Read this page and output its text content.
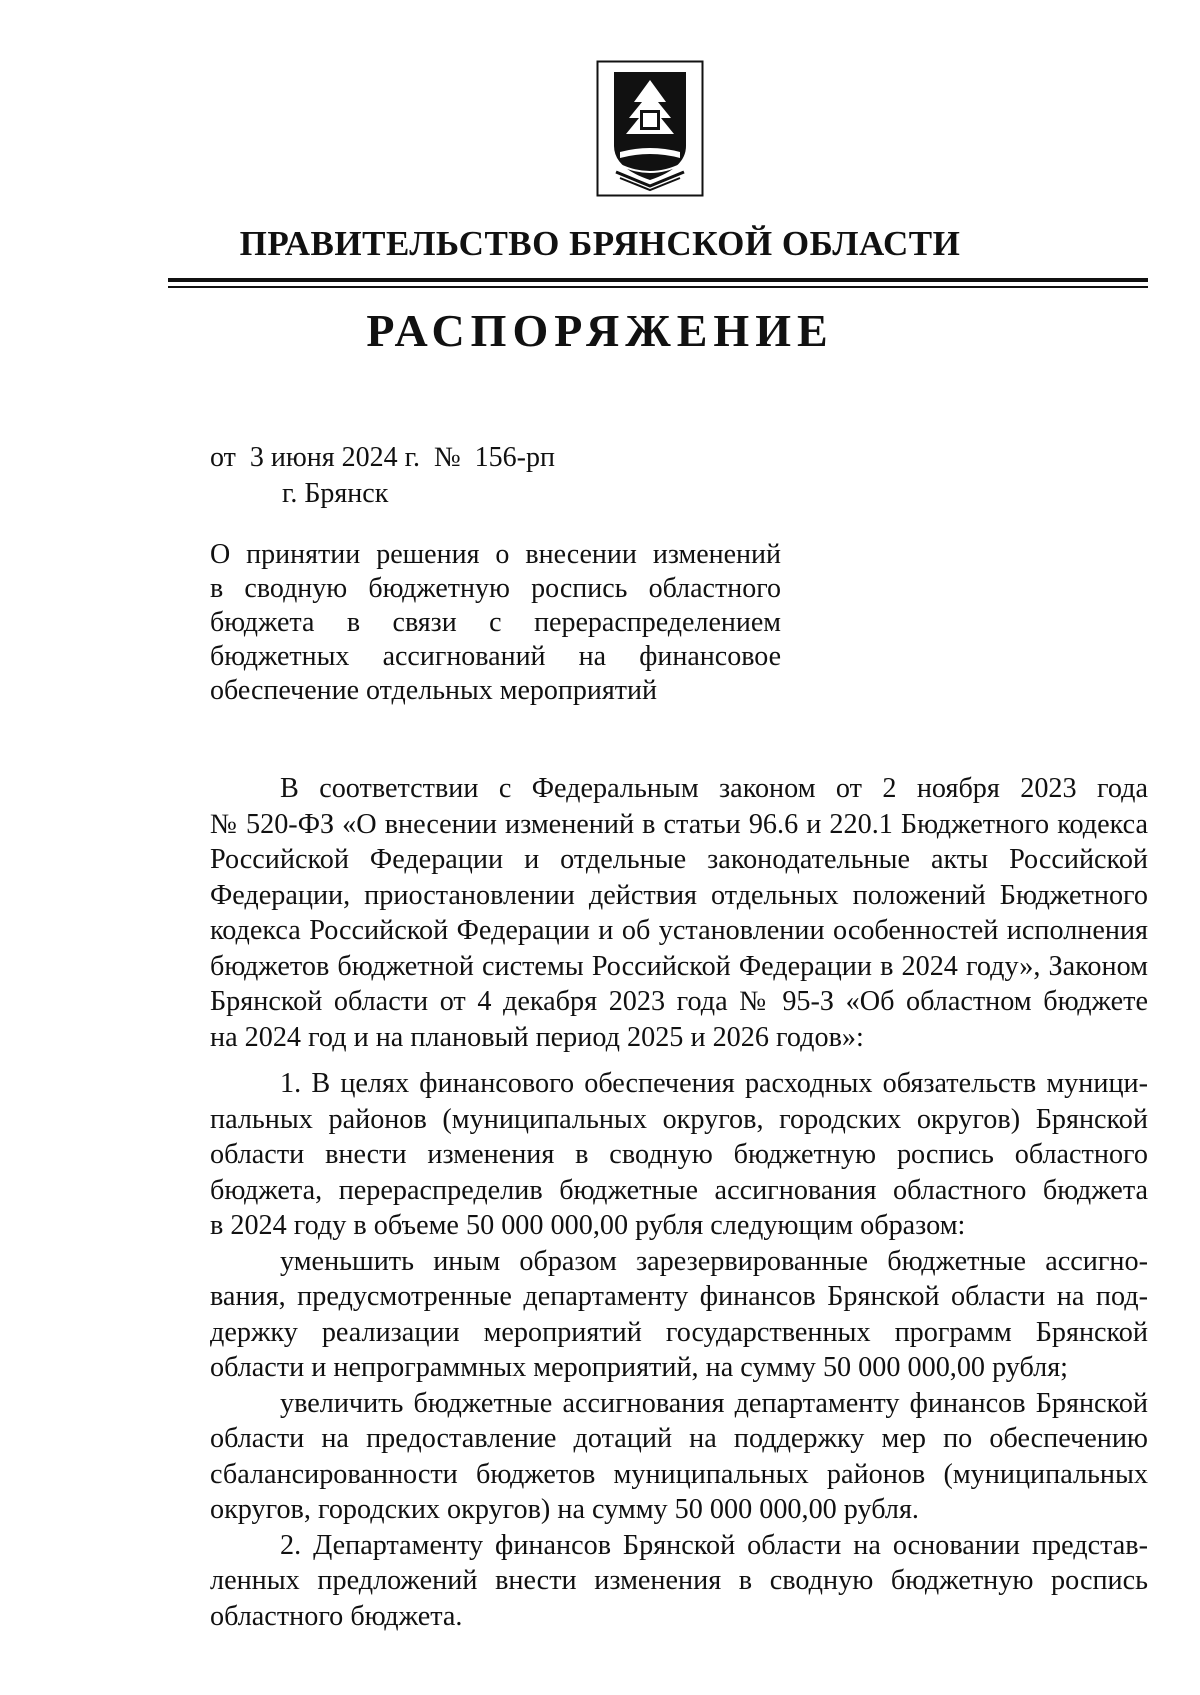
ПРАВИТЕЛЬСТВО БРЯНСКОЙ ОБЛАСТИ
РАСПОРЯЖЕНИЕ
от  3 июня 2024 г.  №  156-рп
г. Брянск
О принятии решения о внесении изменений
в сводную бюджетную роспись областного
бюджета в связи с перераспределением
бюджетных ассигнований на финансовое
обеспечение отдельных мероприятий
В соответствии с Федеральным законом от 2 ноября 2023 года
№ 520-ФЗ «О внесении изменений в статьи 96.6 и 220.1 Бюджетного кодекса
Российской Федерации и отдельные законодательные акты Российской
Федерации, приостановлении действия отдельных положений Бюджетного
кодекса Российской Федерации и об установлении особенностей исполнения
бюджетов бюджетной системы Российской Федерации в 2024 году», Законом
Брянской области от 4 декабря 2023 года № 95-З «Об областном бюджете
на 2024 год и на плановый период 2025 и 2026 годов»:
1. В целях финансового обеспечения расходных обязательств муници-
пальных районов (муниципальных округов, городских округов) Брянской
области внести изменения в сводную бюджетную роспись областного
бюджета, перераспределив бюджетные ассигнования областного бюджета
в 2024 году в объеме 50 000 000,00 рубля следующим образом:
уменьшить иным образом зарезервированные бюджетные ассигно-
вания, предусмотренные департаменту финансов Брянской области на под-
держку реализации мероприятий государственных программ Брянской
области и непрограммных мероприятий, на сумму 50 000 000,00 рубля;
увеличить бюджетные ассигнования департаменту финансов Брянской
области на предоставление дотаций на поддержку мер по обеспечению
сбалансированности бюджетов муниципальных районов (муниципальных
округов, городских округов) на сумму 50 000 000,00 рубля.
2. Департаменту финансов Брянской области на основании представ-
ленных предложений внести изменения в сводную бюджетную роспись
областного бюджета.
